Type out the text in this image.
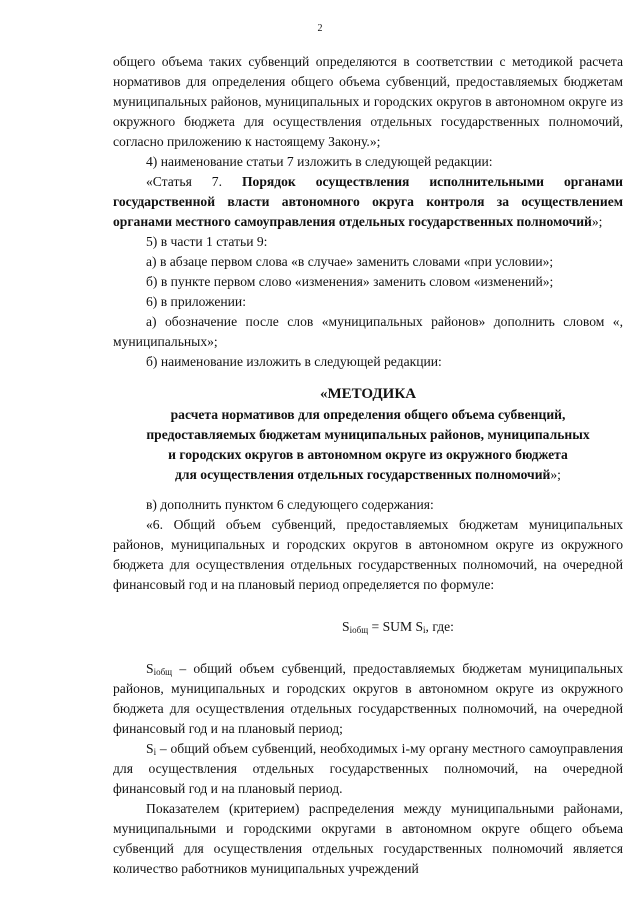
2

общего объема таких субвенций определяются в соответствии с методикой расчета нормативов для определения общего объема субвенций, предоставляемых бюджетам муниципальных районов, муниципальных и городских округов в автономном округе из окружного бюджета для осуществления отдельных государственных полномочий, согласно приложению к настоящему Закону.»;

4) наименование статьи 7 изложить в следующей редакции:

«Статья 7. Порядок осуществления исполнительными органами государственной власти автономного округа контроля за осуществлением органами местного самоуправления отдельных государственных полномочий»;

5) в части 1 статьи 9:

а) в абзаце первом слова «в случае» заменить словами «при условии»;

б) в пункте первом слово «изменения» заменить словом «изменений»;

6) в приложении:

а) обозначение после слов «муниципальных районов» дополнить словом «, муниципальных»;

б) наименование изложить в следующей редакции:

«МЕТОДИКА
расчета нормативов для определения общего объема субвенций,
предоставляемых бюджетам муниципальных районов, муниципальных
и городских округов в автономном округе из окружного бюджета
для осуществления отдельных государственных полномочий»;

в) дополнить пунктом 6 следующего содержания:

«6. Общий объем субвенций, предоставляемых бюджетам муниципальных районов, муниципальных и городских округов в автономном округе из окружного бюджета для осуществления отдельных государственных полномочий, на очередной финансовый год и на плановый период определяется по формуле:

$S_{iобщ}$ = SUM $S_i$, где:

$S_{iобщ}$ – общий объем субвенций, предоставляемых бюджетам муниципальных районов, муниципальных и городских округов в автономном округе из окружного бюджета для осуществления отдельных государственных полномочий, на очередной финансовый год и на плановый период;

$S_i$ – общий объем субвенций, необходимых i-му органу местного самоуправления для осуществления отдельных государственных полномочий, на очередной финансовый год и на плановый период.

Показателем (критерием) распределения между муниципальными районами, муниципальными и городскими округами в автономном округе общего объема субвенций для осуществления отдельных государственных полномочий является количество работников муниципальных учреждений
